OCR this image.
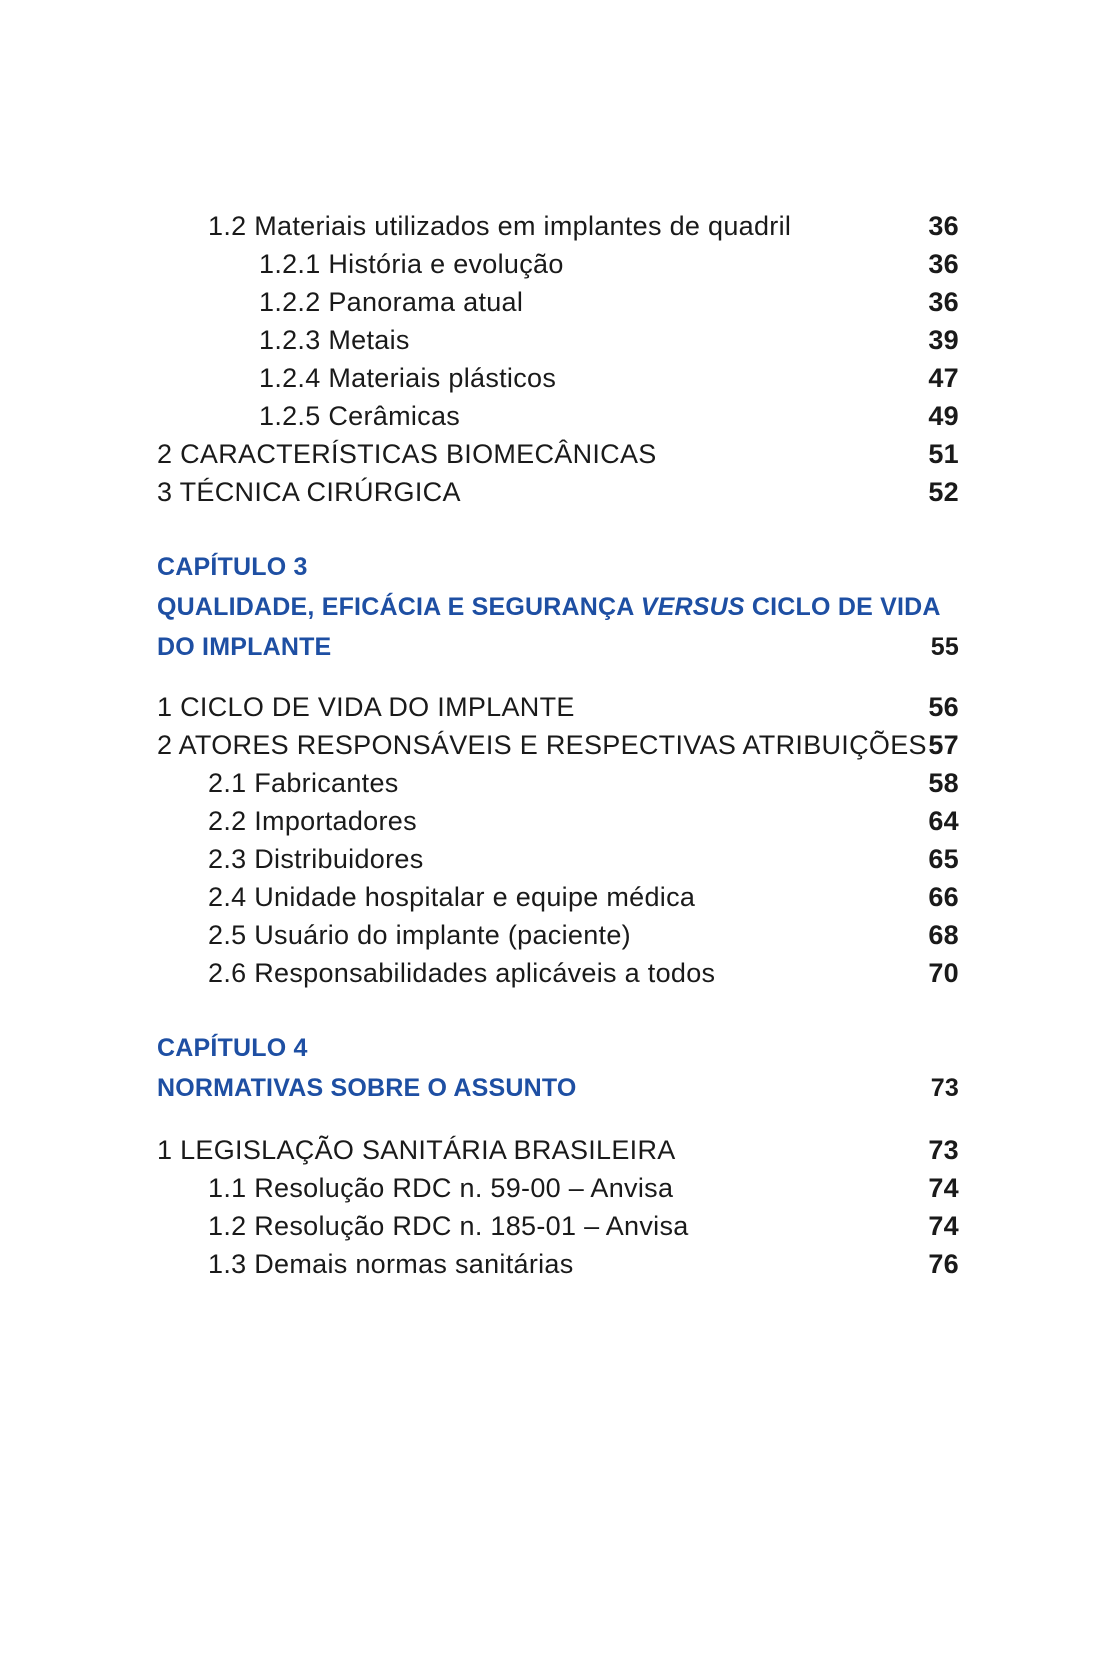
1.2 Materiais utilizados em implantes de quadril	36
1.2.1 História e evolução	36
1.2.2 Panorama atual	36
1.2.3 Metais	39
1.2.4 Materiais plásticos	47
1.2.5 Cerâmicas	49
2 CARACTERÍSTICAS BIOMECÂNICAS	51
3 TÉCNICA CIRÚRGICA	52
CAPÍTULO 3
QUALIDADE, EFICÁCIA E SEGURANÇA VERSUS CICLO DE VIDA
DO IMPLANTE	55
1 CICLO DE VIDA DO IMPLANTE	56
2 ATORES RESPONSÁVEIS E RESPECTIVAS ATRIBUIÇÕES 57
2.1 Fabricantes	58
2.2 Importadores	64
2.3 Distribuidores	65
2.4 Unidade hospitalar e equipe médica	66
2.5 Usuário do implante (paciente)	68
2.6 Responsabilidades aplicáveis a todos	70
CAPÍTULO 4
NORMATIVAS SOBRE O ASSUNTO	73
1 LEGISLAÇÃO SANITÁRIA BRASILEIRA	73
1.1 Resolução RDC n. 59-00 – Anvisa	74
1.2 Resolução RDC n. 185-01 – Anvisa	74
1.3 Demais normas sanitárias	76
